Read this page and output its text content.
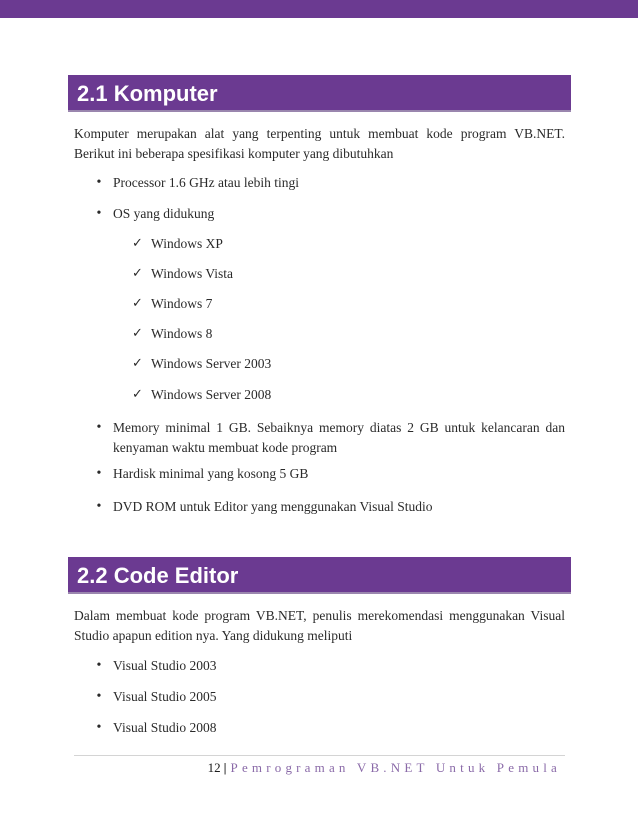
2.1 Komputer

Komputer merupakan alat yang terpenting untuk membuat kode program VB.NET. Berikut ini beberapa spesifikasi komputer yang dibutuhkan

• Processor 1.6 GHz atau lebih tingi
• OS yang didukung
✓ Windows XP
✓ Windows Vista
✓ Windows 7
✓ Windows 8
✓ Windows Server 2003
✓ Windows Server 2008
• Memory minimal 1 GB. Sebaiknya memory diatas 2 GB untuk kelancaran dan kenyaman waktu membuat kode program
• Hardisk minimal yang kosong 5 GB
• DVD ROM untuk Editor yang menggunakan Visual Studio
2.2 Code Editor

Dalam membuat kode program VB.NET, penulis merekomendasi menggunakan Visual Studio apapun edition nya. Yang didukung meliputi

• Visual Studio 2003
• Visual Studio 2005
• Visual Studio 2008
12 | Pemrograman VB.NET Untuk Pemula
